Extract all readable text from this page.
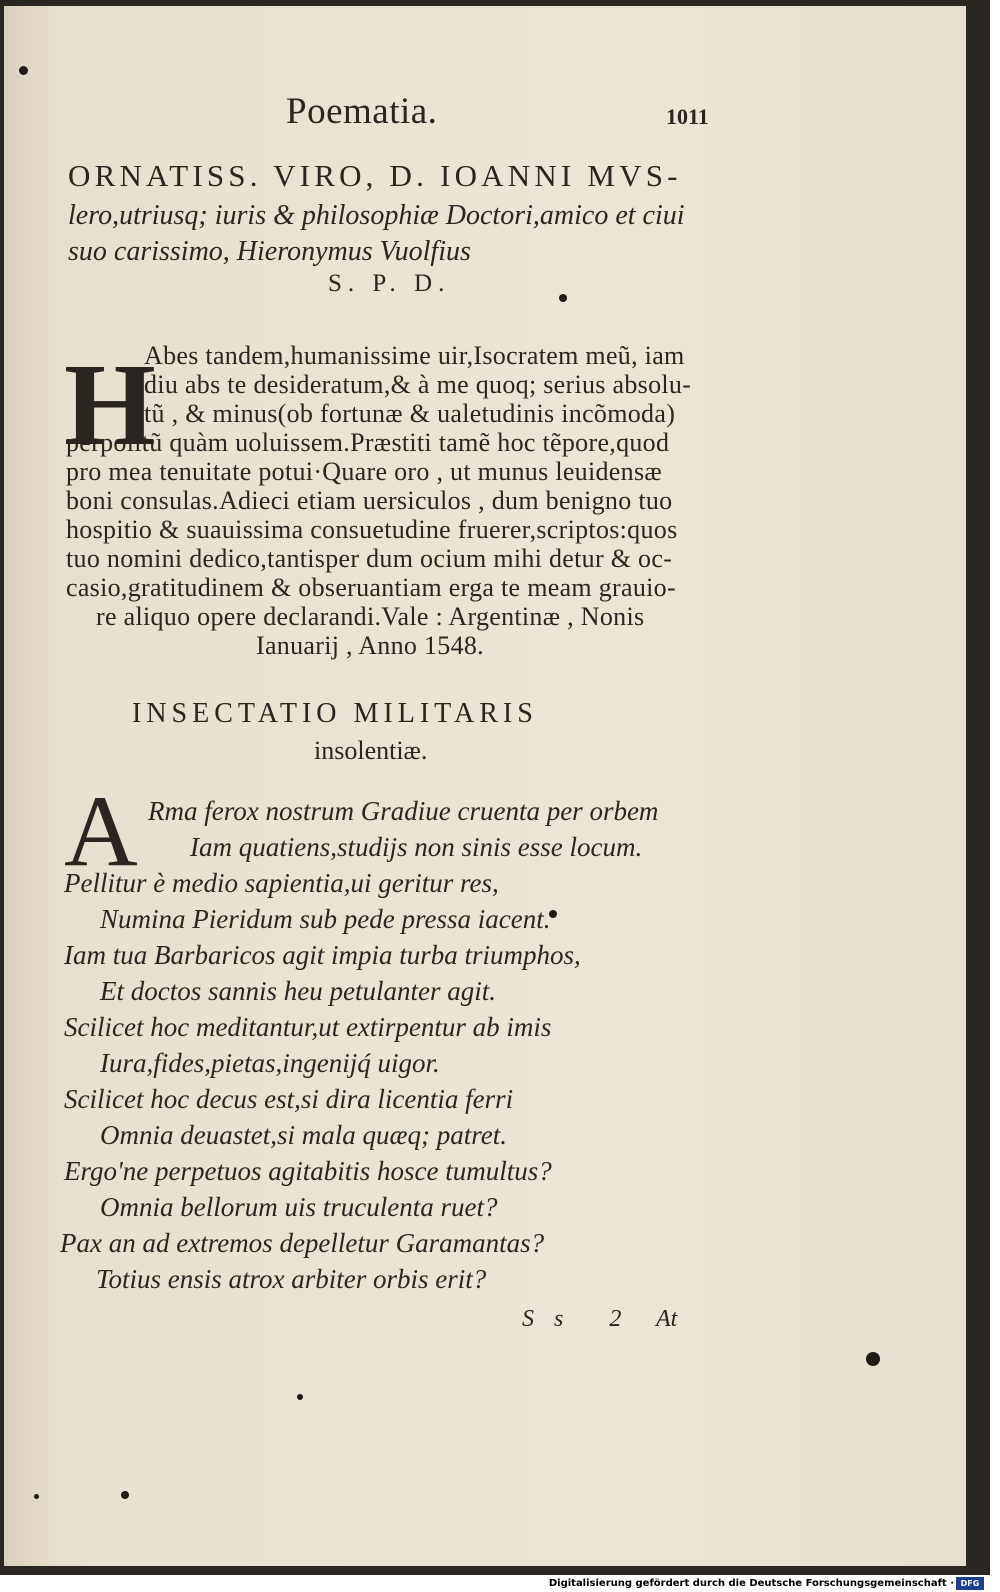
Poematia.	1011
ORNATISS. VIRO, D. IOANNI MVS-
lero,utriusq; iuris & philosophiæ Doctori,amico et ciui
suo carissimo, Hieronymus Vuolfius
S. P. D.
H
Abes tandem,humanissime uir,Isocratem meũ, iam
diu abs te desideratum,& à me quoq; serius absolu-
tũ , & minus(ob fortunæ & ualetudinis incõmoda)
perpolitũ quàm uoluissem.Præstiti tamẽ hoc tẽpore,quod
pro mea tenuitate potui·Quare oro , ut munus leuidensæ
boni consulas.Adieci etiam uersiculos , dum benigno tuo
hospitio & suauissima consuetudine fruerer,scriptos:quos
tuo nomini dedico,tantisper dum ocium mihi detur & oc-
casio,gratitudinem & obseruantiam erga te meam grauio-
re aliquo opere declarandi.Vale : Argentinæ , Nonis
Ianuarij , Anno 1548.
INSECTATIO MILITARIS
insolentiæ.
A Rma ferox nostrum Gradiue cruenta per orbem
Iam quatiens,studijs non sinis esse locum.
Pellitur è medio sapientia,ui geritur res,
Numina Pieridum sub pede pressa iacent.
Iam tua Barbaricos agit impia turba triumphos,
Et doctos sannis heu petulanter agit.
Scilicet hoc meditantur,ut extirpentur ab imis
Iura,fides,pietas,ingenijq́ uigor.
Scilicet hoc decus est,si dira licentia ferri
Omnia deuastet,si mala quæq; patret.
Ergo'ne perpetuos agitabitis hosce tumultus?
Omnia bellorum uis truculenta ruet?
Pax an ad extremos depelletur Garamantas?
Totius ensis atrox arbiter orbis erit?
Ss 2 At
Digitalisierung gefördert durch die Deutsche Forschungsgemeinschaft · DFG
